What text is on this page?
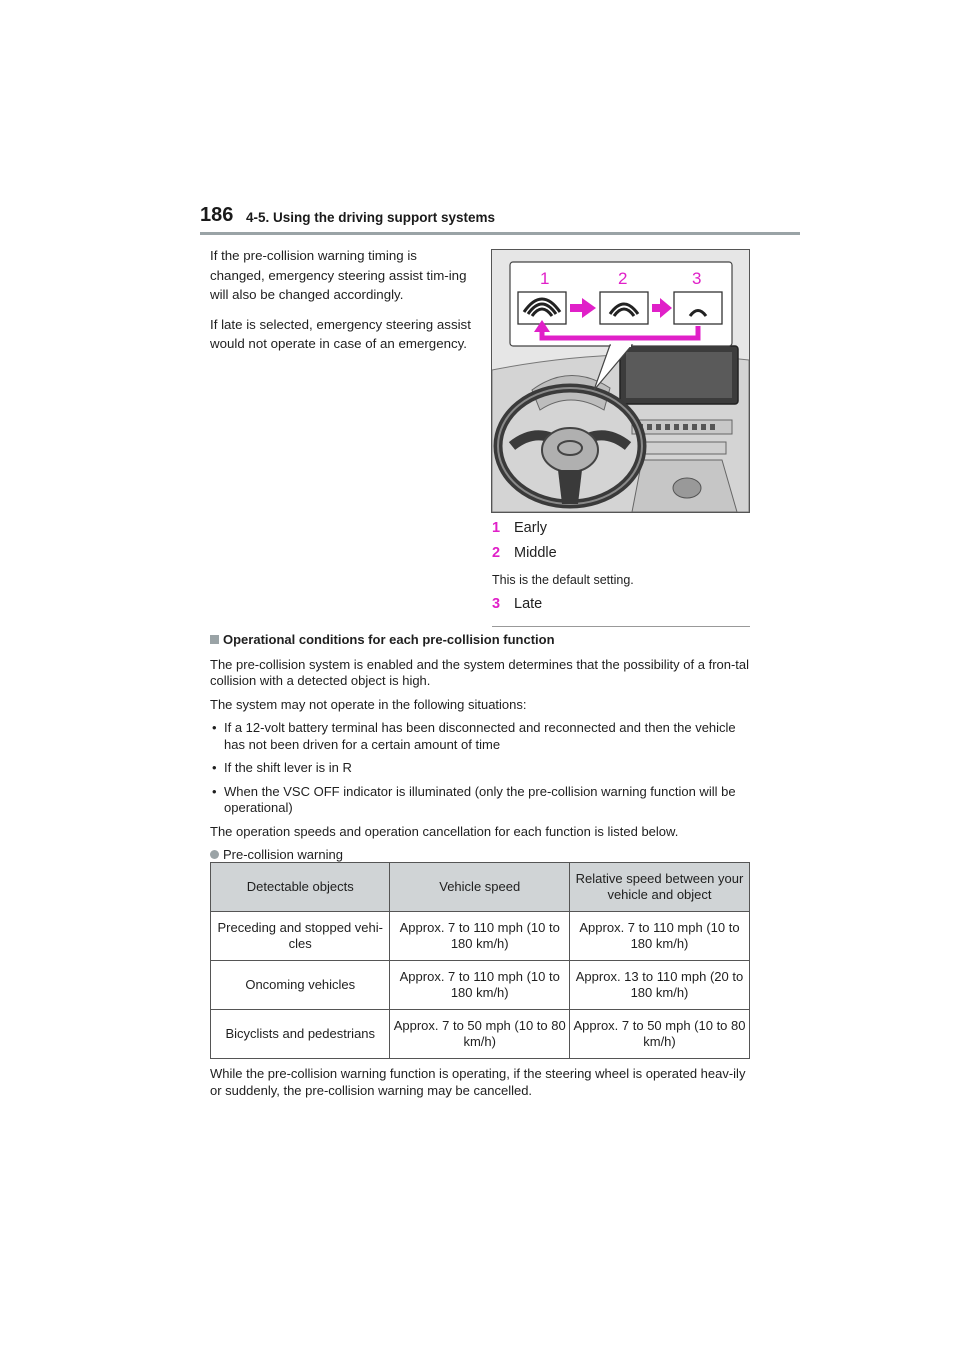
186 4-5. Using the driving support systems

If the pre-collision warning timing is changed, emergency steering assist tim-ing will also be changed accordingly.

If late is selected, emergency steering assist would not operate in case of an emergency.

1	2	3
1 Early
2 Middle
This is the default setting.
3 Late
Operational conditions for each pre-collision function
The pre-collision system is enabled and the system determines that the possibility of a fron-tal collision with a detected object is high.
The system may not operate in the following situations:
• If a 12-volt battery terminal has been disconnected and reconnected and then the vehicle has not been driven for a certain amount of time
• If the shift lever is in R
• When the VSC OFF indicator is illuminated (only the pre-collision warning function will be operational)
The operation speeds and operation cancellation for each function is listed below.
Pre-collision warning
Detectable objects	Vehicle speed	Relative speed between your vehicle and object
Preceding and stopped vehi-cles	Approx. 7 to 110 mph (10 to 180 km/h)	Approx. 7 to 110 mph (10 to 180 km/h)
Oncoming vehicles	Approx. 7 to 110 mph (10 to 180 km/h)	Approx. 13 to 110 mph (20 to 180 km/h)
Bicyclists and pedestrians	Approx. 7 to 50 mph (10 to 80 km/h)	Approx. 7 to 50 mph (10 to 80 km/h)
While the pre-collision warning function is operating, if the steering wheel is operated heav-ily or suddenly, the pre-collision warning may be cancelled.
